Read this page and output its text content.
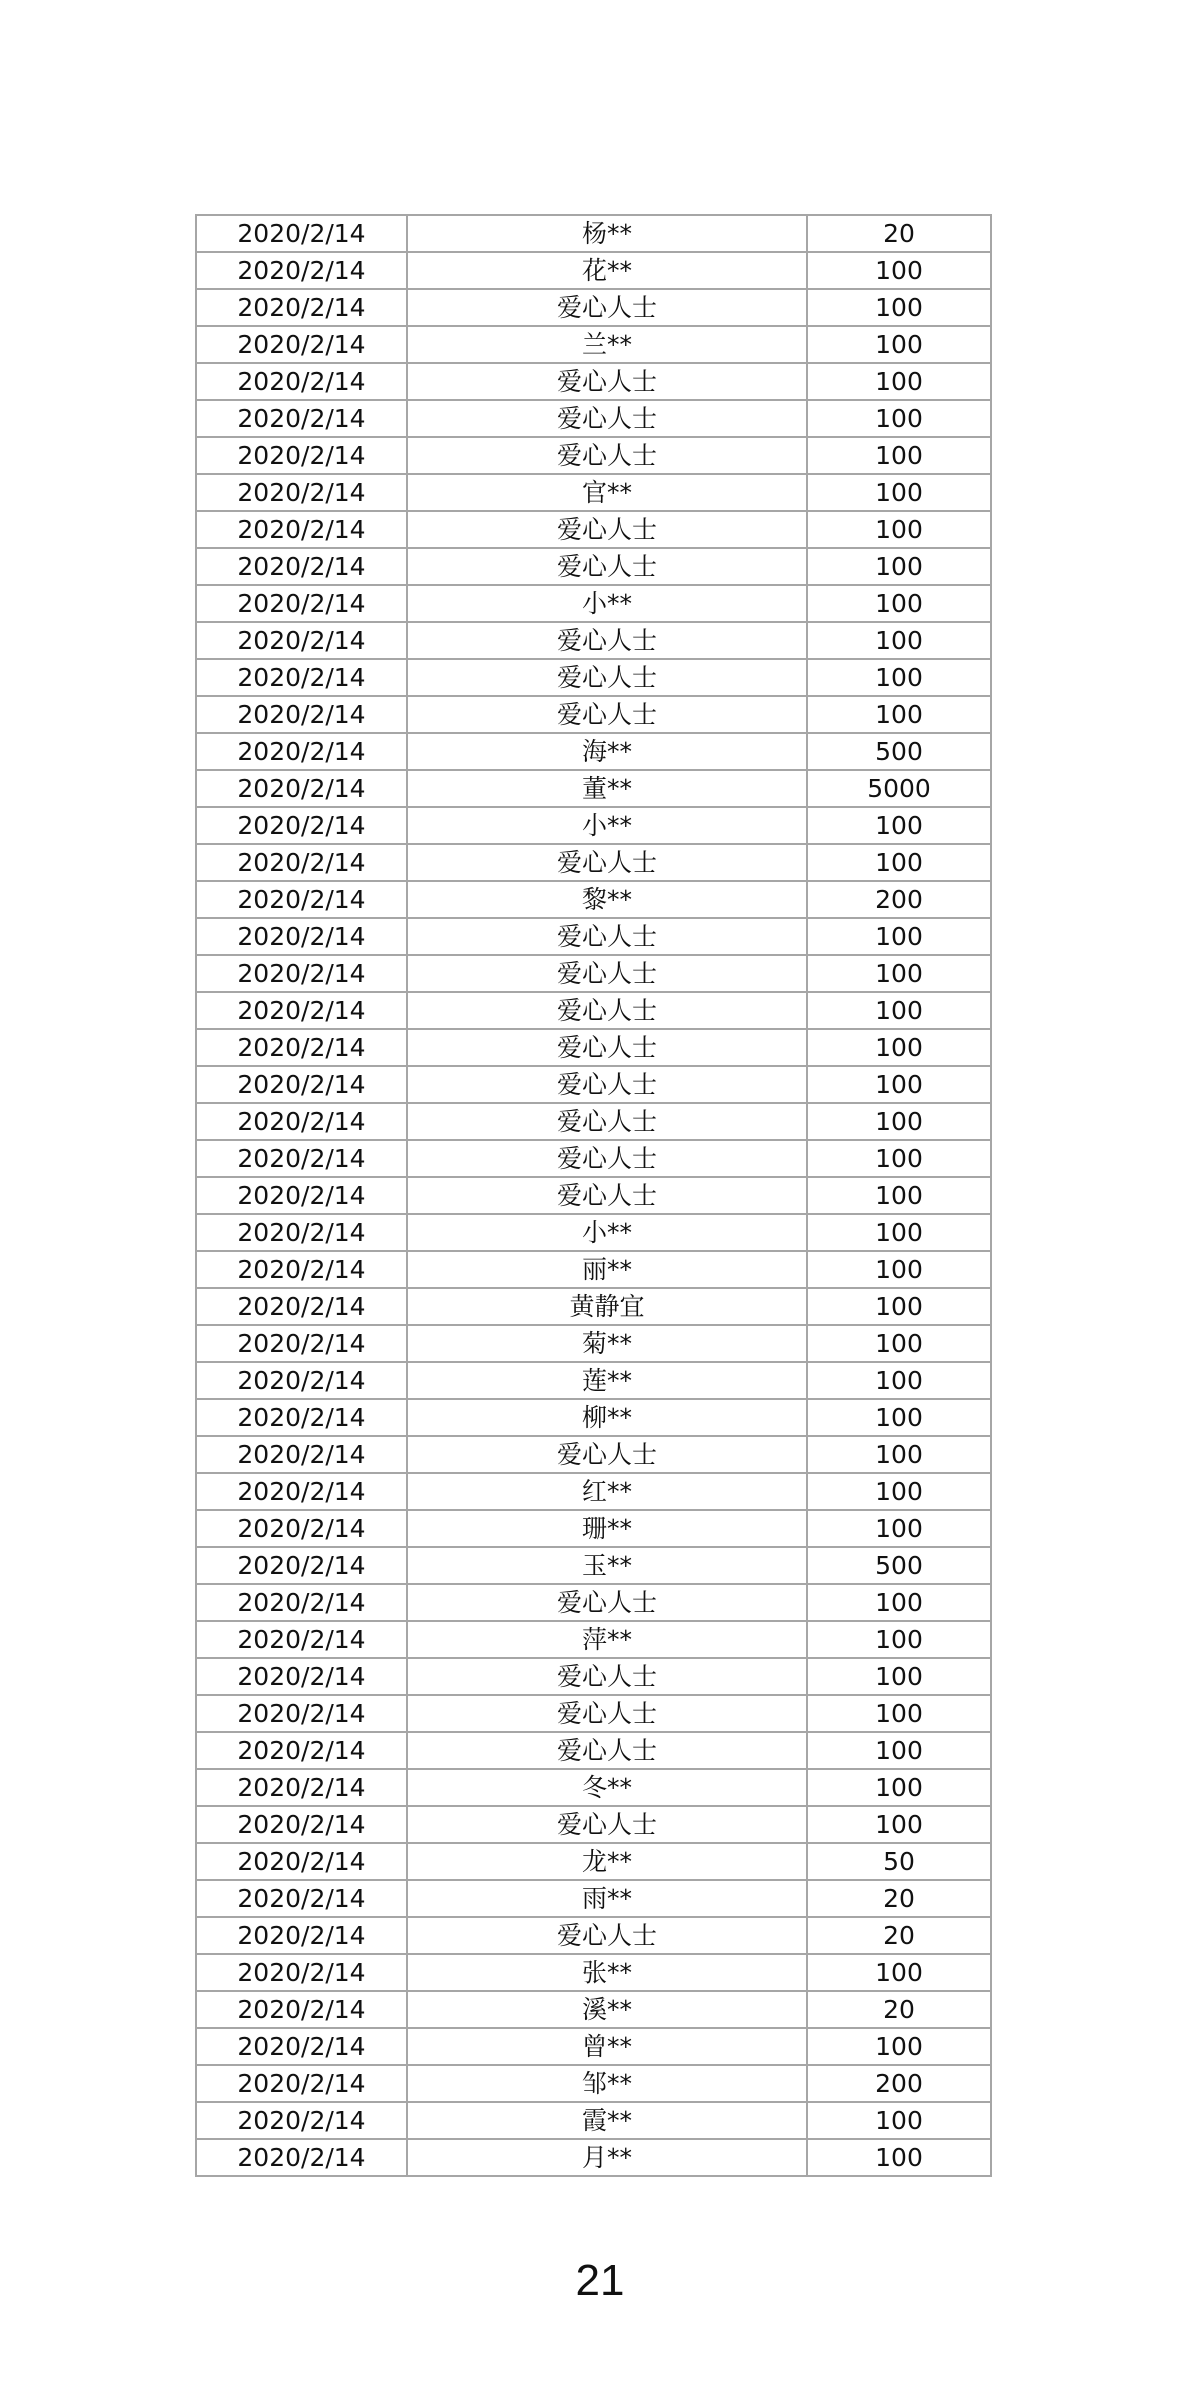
2020/2/14	杨**	20
2020/2/14	花**	100
2020/2/14	爱心人士	100
2020/2/14	兰**	100
2020/2/14	爱心人士	100
2020/2/14	爱心人士	100
2020/2/14	爱心人士	100
2020/2/14	官**	100
2020/2/14	爱心人士	100
2020/2/14	爱心人士	100
2020/2/14	小**	100
2020/2/14	爱心人士	100
2020/2/14	爱心人士	100
2020/2/14	爱心人士	100
2020/2/14	海**	500
2020/2/14	董**	5000
2020/2/14	小**	100
2020/2/14	爱心人士	100
2020/2/14	黎**	200
2020/2/14	爱心人士	100
2020/2/14	爱心人士	100
2020/2/14	爱心人士	100
2020/2/14	爱心人士	100
2020/2/14	爱心人士	100
2020/2/14	爱心人士	100
2020/2/14	爱心人士	100
2020/2/14	爱心人士	100
2020/2/14	小**	100
2020/2/14	丽**	100
2020/2/14	黄静宜	100
2020/2/14	菊**	100
2020/2/14	莲**	100
2020/2/14	柳**	100
2020/2/14	爱心人士	100
2020/2/14	红**	100
2020/2/14	珊**	100
2020/2/14	玉**	500
2020/2/14	爱心人士	100
2020/2/14	萍**	100
2020/2/14	爱心人士	100
2020/2/14	爱心人士	100
2020/2/14	爱心人士	100
2020/2/14	冬**	100
2020/2/14	爱心人士	100
2020/2/14	龙**	50
2020/2/14	雨**	20
2020/2/14	爱心人士	20
2020/2/14	张**	100
2020/2/14	溪**	20
2020/2/14	曾**	100
2020/2/14	邹**	200
2020/2/14	霞**	100
2020/2/14	月**	100
21
